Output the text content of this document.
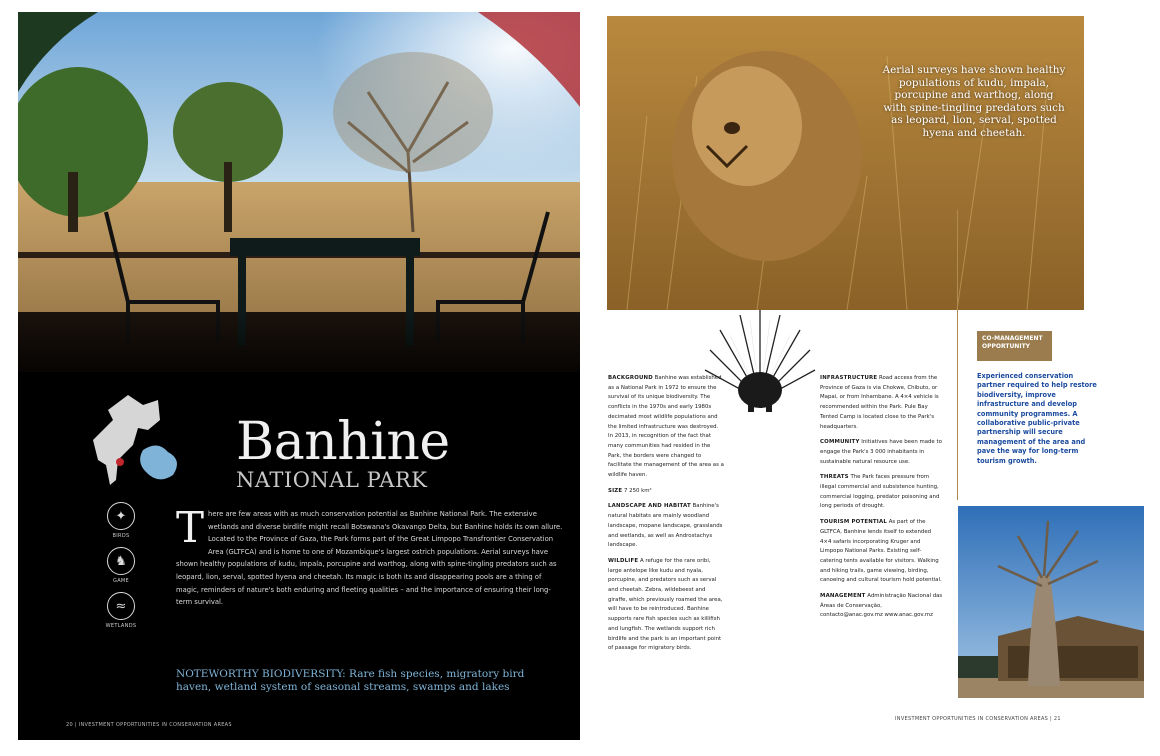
Banhine
NATIONAL PARK
✦
BIRDS
♞
GAME
≈
WETLANDS

There are few areas with as much conservation potential as Banhine National Park. The extensive wetlands and diverse birdlife might recall Botswana's Okavango Delta, but Banhine holds its own allure. Located to the Province of Gaza, the Park forms part of the Great Limpopo Transfrontier Conservation Area (GLTFCA) and is home to one of Mozambique's largest ostrich populations. Aerial surveys have shown healthy populations of kudu, impala, porcupine and warthog, along with spine-tingling predators such as leopard, lion, serval, spotted hyena and cheetah. Its magic is both its and disappearing pools are a thing of magic, reminders of nature's both enduring and fleeting qualities – and the importance of ensuring their long-term survival.

NOTEWORTHY BIODIVERSITY: Rare fish species, migratory bird haven, wetland system of seasonal streams, swamps and lakes

20 | INVESTMENT OPPORTUNITIES IN CONSERVATION AREAS
Aerial surveys have shown healthy populations of kudu, impala, porcupine and warthog, along with spine-tingling predators such as leopard, lion, serval, spotted hyena and cheetah.

BACKGROUND Banhine was established as a National Park in 1972 to ensure the survival of its unique biodiversity. The conflicts in the 1970s and early 1980s decimated most wildlife populations and the limited infrastructure was destroyed. In 2013, in recognition of the fact that many communities had resided in the Park, the borders were changed to facilitate the management of the area as a wildlife haven.

SIZE 7 250 km²

LANDSCAPE AND HABITAT Banhine's natural habitats are mainly woodland landscape, mopane landscape, grasslands and wetlands, as well as Androstachys landscape.

WILDLIFE A refuge for the rare oribi, large antelope like kudu and nyala, porcupine, and predators such as serval and cheetah. Zebra, wildebeest and giraffe, which previously roamed the area, will have to be reintroduced. Banhine supports rare fish species such as killifish and lungfish. The wetlands support rich birdlife and the park is an important point of passage for migratory birds.

INFRASTRUCTURE Road access from the Province of Gaza is via Chokwe, Chibuto, or Mapai, or from Inhambane. A 4×4 vehicle is recommended within the Park. Pule Bay Tented Camp is located close to the Park's headquarters.

COMMUNITY Initiatives have been made to engage the Park's 3 000 inhabitants in sustainable natural resource use.

THREATS The Park faces pressure from illegal commercial and subsistence hunting, commercial logging, predator poisoning and long periods of drought.

TOURISM POTENTIAL As part of the GLTFCA, Banhine lends itself to extended 4×4 safaris incorporating Kruger and Limpopo National Parks. Existing self-catering tents available for visitors. Walking and hiking trails, game viewing, birding, canoeing and cultural tourism hold potential.

MANAGEMENT Administração Nacional das Áreas de Conservação, contacto@anac.gov.mz www.anac.gov.mz

CO-MANAGEMENT OPPORTUNITY

Experienced conservation partner required to help restore biodiversity, improve infrastructure and develop community programmes. A collaborative public-private partnership will secure management of the area and pave the way for long-term tourism growth.

INVESTMENT OPPORTUNITIES IN CONSERVATION AREAS | 21
